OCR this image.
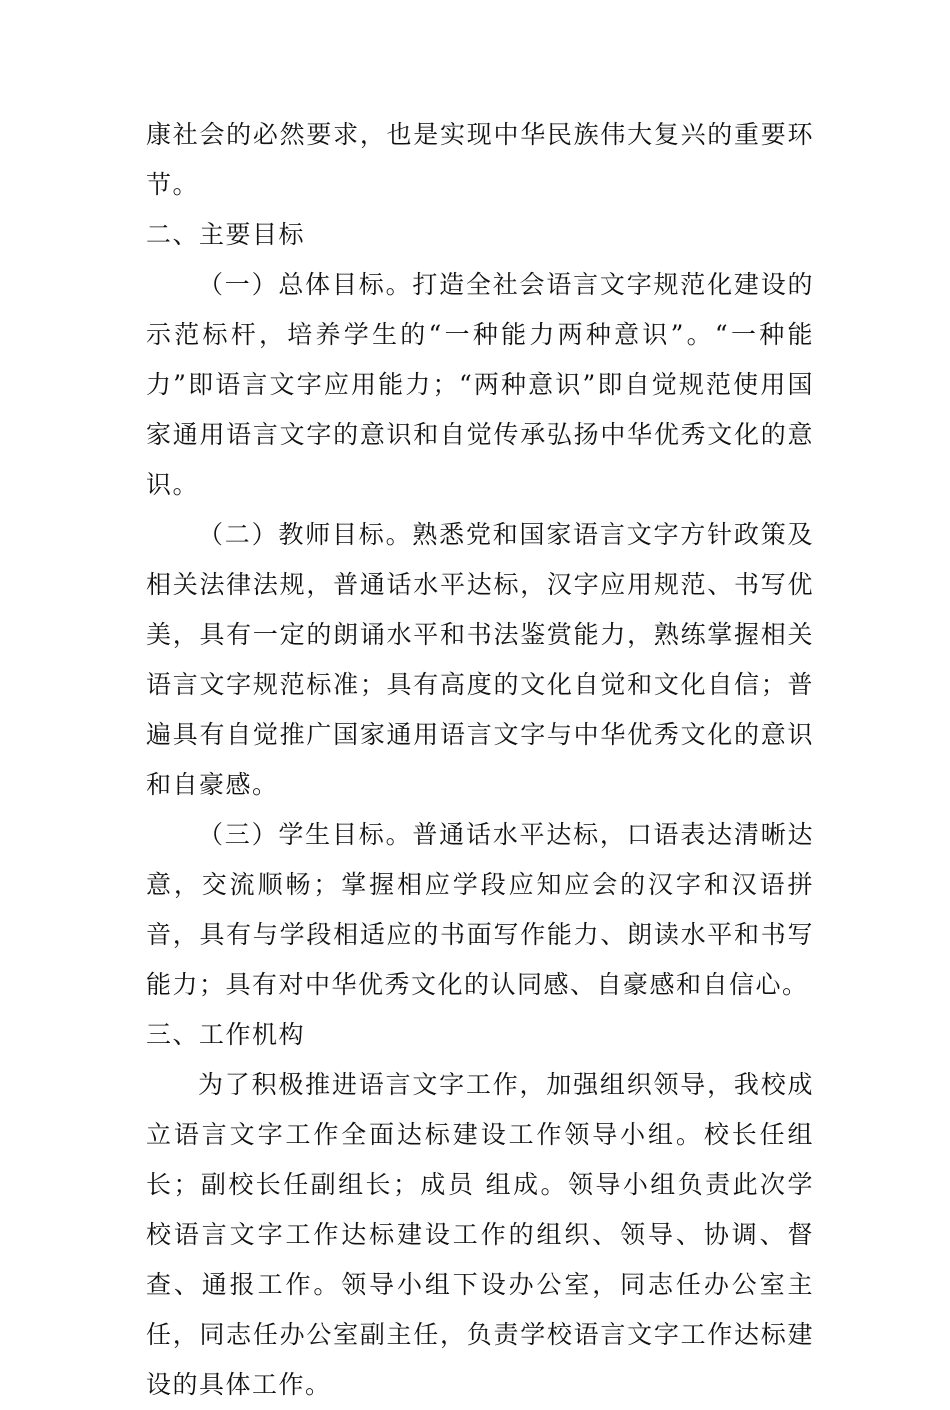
康社会的必然要求，也是实现中华民族伟大复兴的重要环节。

二、主要目标

（一）总体目标。打造全社会语言文字规范化建设的示范标杆，培养学生的“一种能力两种意识”。“一种能力”即语言文字应用能力；“两种意识”即自觉规范使用国家通用语言文字的意识和自觉传承弘扬中华优秀文化的意识。

（二）教师目标。熟悉党和国家语言文字方针政策及相关法律法规，普通话水平达标，汉字应用规范、书写优美，具有一定的朗诵水平和书法鉴赏能力，熟练掌握相关语言文字规范标准；具有高度的文化自觉和文化自信；普遍具有自觉推广国家通用语言文字与中华优秀文化的意识和自豪感。

（三）学生目标。普通话水平达标，口语表达清晰达意，交流顺畅；掌握相应学段应知应会的汉字和汉语拼音，具有与学段相适应的书面写作能力、朗读水平和书写能力；具有对中华优秀文化的认同感、自豪感和自信心。

三、工作机构

为了积极推进语言文字工作，加强组织领导，我校成立语言文字工作全面达标建设工作领导小组。校长任组长；副校长任副组长；成员 组成。领导小组负责此次学校语言文字工作达标建设工作的组织、领导、协调、督查、通报工作。领导小组下设办公室，同志任办公室主任，同志任办公室副主任，负责学校语言文字工作达标建设的具体工作。
